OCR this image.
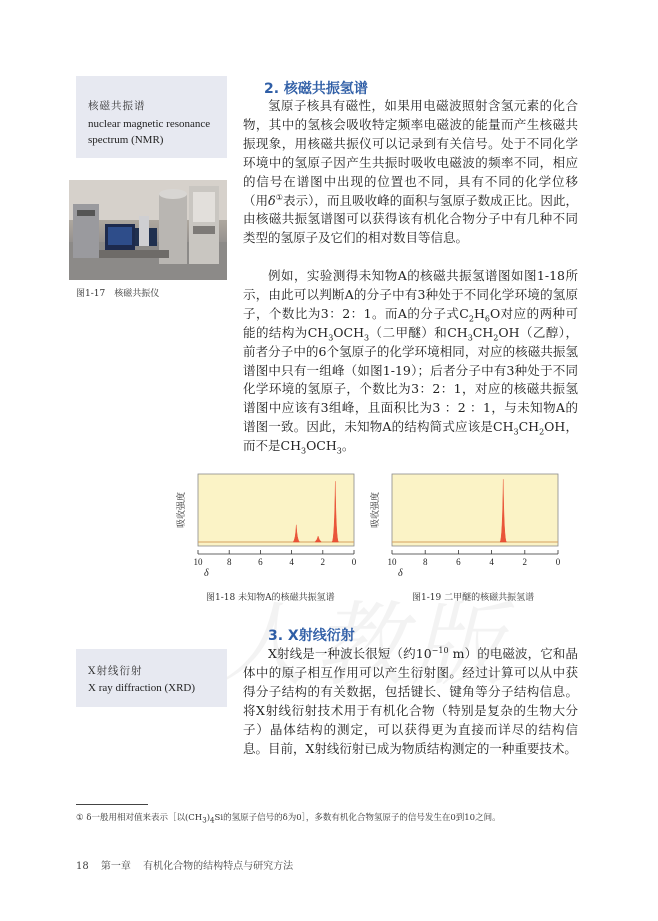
核磁共振谱
nuclear magnetic resonance
spectrum (NMR)
图1-17　核磁共振仪
2. 核磁共振氢谱

氢原子核具有磁性，如果用电磁波照射含氢元素的化合物，其中的氢核会吸收特定频率电磁波的能量而产生核磁共振现象，用核磁共振仪可以记录到有关信号。处于不同化学环境中的氢原子因产生共振时吸收电磁波的频率不同，相应的信号在谱图中出现的位置也不同，具有不同的化学位移（用δ①表示），而且吸收峰的面积与氢原子数成正比。因此，由核磁共振氢谱图可以获得该有机化合物分子中有几种不同类型的氢原子及它们的相对数目等信息。

例如，实验测得未知物A的核磁共振氢谱图如图1-18所示，由此可以判断A的分子中有3种处于不同化学环境的氢原子，个数比为3：2：1。而A的分子式$C_2H_6O$对应的两种可能的结构为$CH_3OCH_3$（二甲醚）和$CH_3CH_2OH$（乙醇），前者分子中的6个氢原子的化学环境相同，对应的核磁共振氢谱图中只有一组峰（如图1-19）；后者分子中有3种处于不同化学环境的氢原子，个数比为3：2：1，对应的核磁共振氢谱图中应该有3组峰，且面积比为3 ：2 ：1，与未知物A的谱图一致。因此，未知物A的结构简式应该是$CH_3CH_2OH$，而不是$CH_3OCH_3$。

吸收强度
10	8	6	4	2	0
δ
图1-18 未知物A的核磁共振氢谱
吸收强度
10	8	6	4	2	0
δ
图1-19 二甲醚的核磁共振氢谱
3. X射线衍射
X射线衍射
X ray diffraction (XRD)

X射线是一种波长很短（约$10^{-10}$ m）的电磁波，它和晶体中的原子相互作用可以产生衍射图。经过计算可以从中获得分子结构的有关数据，包括键长、键角等分子结构信息。将X射线衍射技术用于有机化合物（特别是复杂的生物大分子）晶体结构的测定，可以获得更为直接而详尽的结构信息。目前，X射线衍射已成为物质结构测定的一种重要技术。

① δ一般用相对值来表示［以$(CH_3)_4Si$的氢原子信号的δ为0］，多数有机化合物氢原子的信号发生在0到10之间。
18 第一章 有机化合物的结构特点与研究方法
